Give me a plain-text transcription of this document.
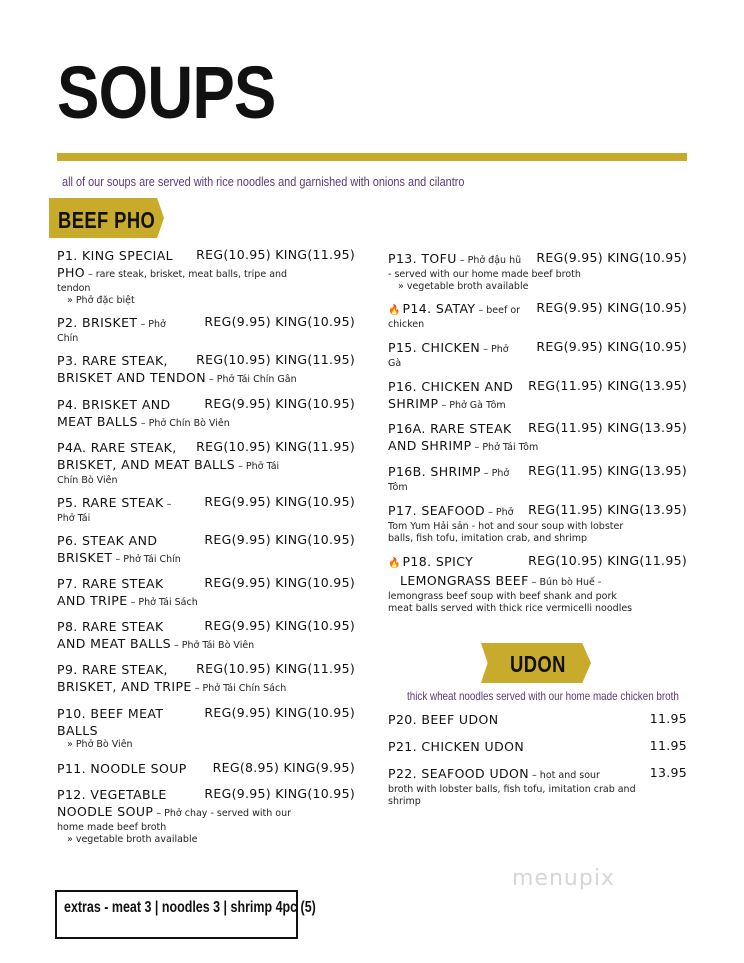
SOUPS
all of our soups are served with rice noodles and garnished with onions and cilantro
BEEF PHO
P1. KING SPECIAL
PHO – rare steak, brisket, meat balls, tripe and
tendon
» Phở đặc biệt
REG(10.95) KING(11.95)
P2. BRISKET – Phở
Chín
REG(9.95) KING(10.95)
P3. RARE STEAK,
BRISKET AND TENDON – Phở Tái Chín Gân
REG(10.95) KING(11.95)
P4. BRISKET AND
MEAT BALLS – Phở Chín Bò Viên
REG(9.95) KING(10.95)
P4A. RARE STEAK,
BRISKET, AND MEAT BALLS – Phở Tái
Chín Bò Viên
REG(10.95) KING(11.95)
P5. RARE STEAK –
Phở Tái
REG(9.95) KING(10.95)
P6. STEAK AND
BRISKET – Phở Tái Chín
REG(9.95) KING(10.95)
P7. RARE STEAK
AND TRIPE – Phở Tái Sách
REG(9.95) KING(10.95)
P8. RARE STEAK
AND MEAT BALLS – Phở Tái Bò Viên
REG(9.95) KING(10.95)
P9. RARE STEAK,
BRISKET, AND TRIPE – Phở Tái Chín Sách
REG(10.95) KING(11.95)
P10. BEEF MEAT
BALLS
» Phở Bò Viên
REG(9.95) KING(10.95)
P11. NOODLE SOUP REG(8.95) KING(9.95)
P12. VEGETABLE
NOODLE SOUP – Phở chay - served with our
home made beef broth
» vegetable broth available
REG(9.95) KING(10.95)
P13. TOFU – Phở đậu hũ
- served with our home made beef broth
» vegetable broth available
REG(9.95) KING(10.95)
🔥 P14. SATAY – beef or
chicken
REG(9.95) KING(10.95)
P15. CHICKEN – Phở
Gà
REG(9.95) KING(10.95)
P16. CHICKEN AND
SHRIMP – Phở Gà Tôm
REG(11.95) KING(13.95)
P16A. RARE STEAK
AND SHRIMP – Phở Tái Tôm
REG(11.95) KING(13.95)
P16B. SHRIMP – Phở
Tôm
REG(11.95) KING(13.95)
P17. SEAFOOD – Phở
Tom Yum Hải sản - hot and sour soup with lobster
balls, fish tofu, imitation crab, and shrimp
REG(11.95) KING(13.95)
🔥 P18. SPICY
LEMONGRASS BEEF – Bún bò Huế -
lemongrass beef soup with beef shank and pork
meat balls served with thick rice vermicelli noodles
REG(10.95) KING(11.95)
UDON
thick wheat noodles served with our home made chicken broth
P20. BEEF UDON	11.95
P21. CHICKEN UDON	11.95
P22. SEAFOOD UDON – hot and sour
broth with lobster balls, fish tofu, imitation crab and
shrimp
13.95
extras - meat 3 | noodles 3 | shrimp 4pc (5)
menupix
